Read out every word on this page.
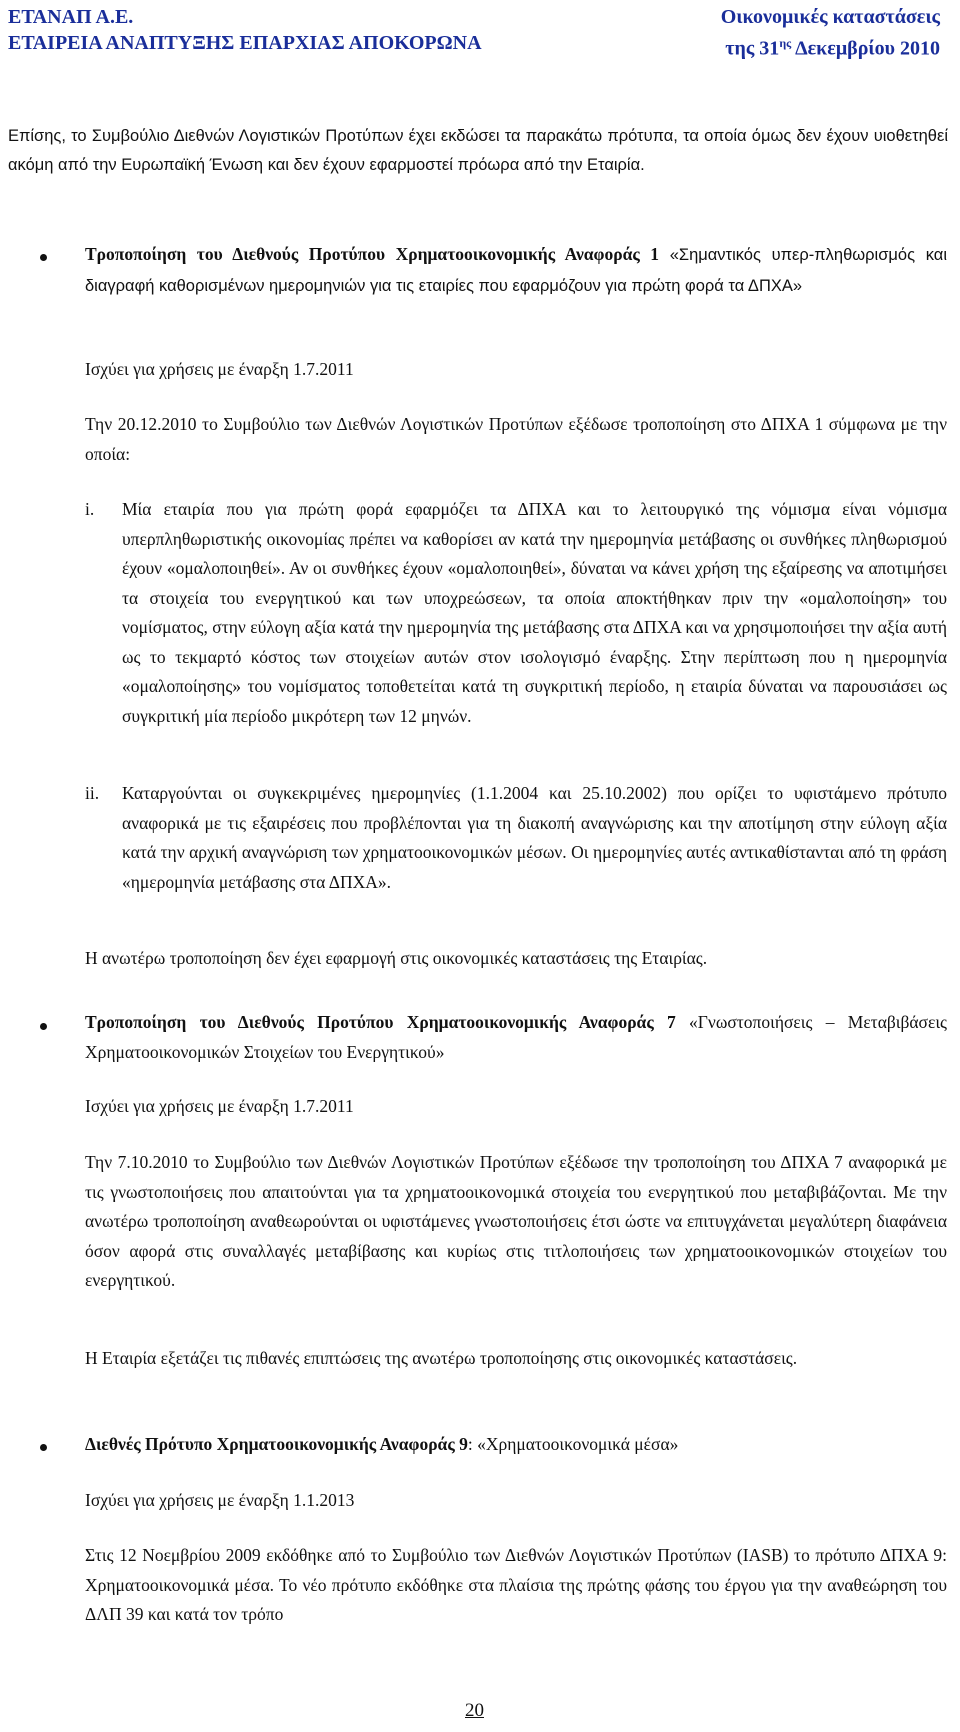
ΕΤΑΝΑΠ Α.Ε.
ΕΤΑΙΡΕΙΑ ΑΝΑΠΤΥΞΗΣ ΕΠΑΡΧΙΑΣ ΑΠΟΚΟΡΩΝΑ
Οικονομικές καταστάσεις
της $31^{\eta\varsigma}$ Δεκεμβρίου 2010

Επίσης, το Συμβούλιο Διεθνών Λογιστικών Προτύπων έχει εκδώσει τα παρακάτω πρότυπα, τα οποία όμως δεν έχουν υιοθετηθεί ακόμη από την Ευρωπαϊκή Ένωση και δεν έχουν εφαρμοστεί πρόωρα από την Εταιρία.

Τροποποίηση του Διεθνούς Προτύπου Χρηματοοικονομικής Αναφοράς 1 «Σημαντικός υπερ-πληθωρισμός και διαγραφή καθορισμένων ημερομηνιών για τις εταιρίες που εφαρμόζουν για πρώτη φορά τα ΔΠΧΑ»

Ισχύει για χρήσεις με έναρξη 1.7.2011

Την 20.12.2010 το Συμβούλιο των Διεθνών Λογιστικών Προτύπων εξέδωσε τροποποίηση στο ΔΠΧΑ 1 σύμφωνα με την οποία:

i. Μία εταιρία που για πρώτη φορά εφαρμόζει τα ΔΠΧΑ και το λειτουργικό της νόμισμα είναι νόμισμα υπερπληθωριστικής οικονομίας πρέπει να καθορίσει αν κατά την ημερομηνία μετάβασης οι συνθήκες πληθωρισμού έχουν «ομαλοποιηθεί». Αν οι συνθήκες έχουν «ομαλοποιηθεί», δύναται να κάνει χρήση της εξαίρεσης να αποτιμήσει τα στοιχεία του ενεργητικού και των υποχρεώσεων, τα οποία αποκτήθηκαν πριν την «ομαλοποίηση» του νομίσματος, στην εύλογη αξία κατά την ημερομηνία της μετάβασης στα ΔΠΧΑ και να χρησιμοποιήσει την αξία αυτή ως το τεκμαρτό κόστος των στοιχείων αυτών στον ισολογισμό έναρξης. Στην περίπτωση που η ημερομηνία «ομαλοποίησης» του νομίσματος τοποθετείται κατά τη συγκριτική περίοδο, η εταιρία δύναται να παρουσιάσει ως συγκριτική μία περίοδο μικρότερη των 12 μηνών.

ii. Καταργούνται οι συγκεκριμένες ημερομηνίες (1.1.2004 και 25.10.2002) που ορίζει το υφιστάμενο πρότυπο αναφορικά με τις εξαιρέσεις που προβλέπονται για τη διακοπή αναγνώρισης και την αποτίμηση στην εύλογη αξία κατά την αρχική αναγνώριση των χρηματοοικονομικών μέσων. Οι ημερομηνίες αυτές αντικαθίστανται από τη φράση «ημερομηνία μετάβασης στα ΔΠΧΑ».

Η ανωτέρω τροποποίηση δεν έχει εφαρμογή στις οικονομικές καταστάσεις της Εταιρίας.

Τροποποίηση του Διεθνούς Προτύπου Χρηματοοικονομικής Αναφοράς 7 «Γνωστοποιήσεις – Μεταβιβάσεις Χρηματοοικονομικών Στοιχείων του Ενεργητικού»

Ισχύει για χρήσεις με έναρξη 1.7.2011

Την 7.10.2010 το Συμβούλιο των Διεθνών Λογιστικών Προτύπων εξέδωσε την τροποποίηση του ΔΠΧΑ 7 αναφορικά με τις γνωστοποιήσεις που απαιτούνται για τα χρηματοοικονομικά στοιχεία του ενεργητικού που μεταβιβάζονται. Με την ανωτέρω τροποποίηση αναθεωρούνται οι υφιστάμενες γνωστοποιήσεις έτσι ώστε να επιτυγχάνεται μεγαλύτερη διαφάνεια όσον αφορά στις συναλλαγές μεταβίβασης και κυρίως στις τιτλοποιήσεις των χρηματοοικονομικών στοιχείων του ενεργητικού.

Η Εταιρία εξετάζει τις πιθανές επιπτώσεις της ανωτέρω τροποποίησης στις οικονομικές καταστάσεις.

Διεθνές Πρότυπο Χρηματοοικονομικής Αναφοράς 9: «Χρηματοοικονομικά μέσα»

Ισχύει για χρήσεις με έναρξη 1.1.2013

Στις 12 Νοεμβρίου 2009 εκδόθηκε από το Συμβούλιο των Διεθνών Λογιστικών Προτύπων (IASB) το πρότυπο ΔΠΧΑ 9: Χρηματοοικονομικά μέσα. Το νέο πρότυπο εκδόθηκε στα πλαίσια της πρώτης φάσης του έργου για την αναθεώρηση του ΔΛΠ 39 και κατά τον τρόπο

20
